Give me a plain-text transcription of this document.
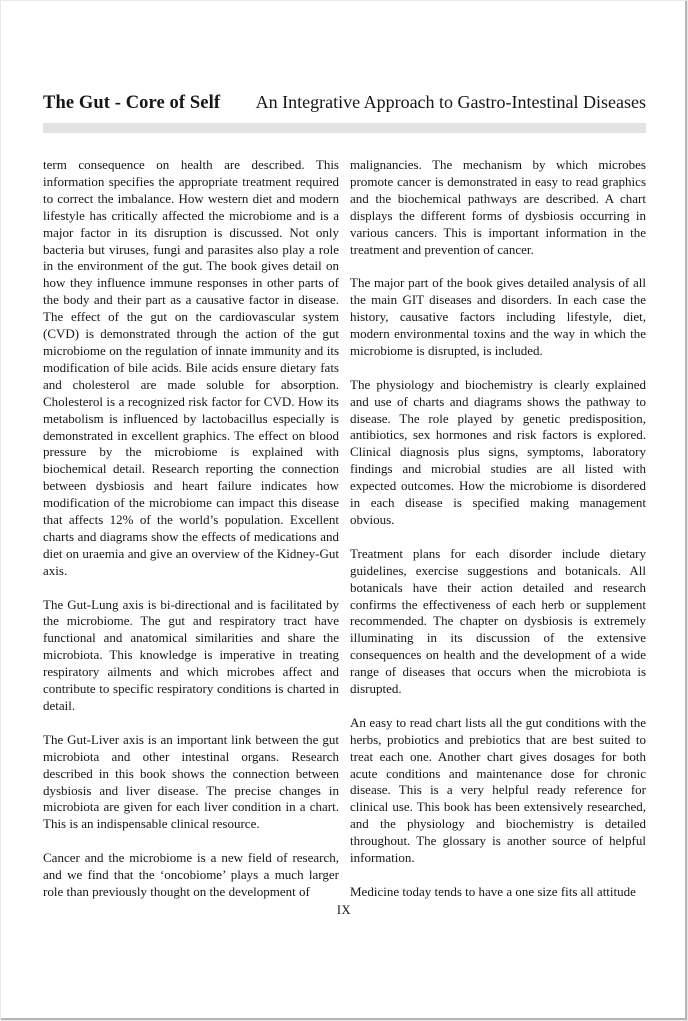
The Gut - Core of Self An Integrative Approach to Gastro-Intestinal Diseases

term consequence on health are described. This information specifies the appropriate treatment required to correct the imbalance. How western diet and modern lifestyle has critically affected the microbiome and is a major factor in its disruption is discussed. Not only bacteria but viruses, fungi and parasites also play a role in the environment of the gut. The book gives detail on how they influence immune responses in other parts of the body and their part as a causative factor in disease. The effect of the gut on the cardiovascular system (CVD) is demonstrated through the action of the gut microbiome on the regulation of innate immunity and its modification of bile acids. Bile acids ensure dietary fats and cholesterol are made soluble for absorption. Cholesterol is a recognized risk factor for CVD. How its metabolism is influenced by lactobacillus especially is demonstrated in excellent graphics. The effect on blood pressure by the microbiome is explained with biochemical detail. Research reporting the connection between dysbiosis and heart failure indicates how modification of the microbiome can impact this disease that affects 12% of the world’s population. Excellent charts and diagrams show the effects of medications and diet on uraemia and give an overview of the Kidney-Gut axis.

The Gut-Lung axis is bi-directional and is facilitated by the microbiome. The gut and respiratory tract have functional and anatomical similarities and share the microbiota. This knowledge is imperative in treating respiratory ailments and which microbes affect and contribute to specific respiratory conditions is charted in detail.

The Gut-Liver axis is an important link between the gut microbiota and other intestinal organs. Research described in this book shows the connection between dysbiosis and liver disease. The precise changes in microbiota are given for each liver condition in a chart. This is an indispensable clinical resource.

Cancer and the microbiome is a new field of research, and we find that the ‘oncobiome’ plays a much larger role than previously thought on the development of

malignancies. The mechanism by which microbes promote cancer is demonstrated in easy to read graphics and the biochemical pathways are described. A chart displays the different forms of dysbiosis occurring in various cancers. This is important information in the treatment and prevention of cancer.

The major part of the book gives detailed analysis of all the main GIT diseases and disorders. In each case the history, causative factors including lifestyle, diet, modern environmental toxins and the way in which the microbiome is disrupted, is included.

The physiology and biochemistry is clearly explained and use of charts and diagrams shows the pathway to disease. The role played by genetic predisposition, antibiotics, sex hormones and risk factors is explored. Clinical diagnosis plus signs, symptoms, laboratory findings and microbial studies are all listed with expected outcomes. How the microbiome is disordered in each disease is specified making management obvious.

Treatment plans for each disorder include dietary guidelines, exercise suggestions and botanicals. All botanicals have their action detailed and research confirms the effectiveness of each herb or supplement recommended. The chapter on dysbiosis is extremely illuminating in its discussion of the extensive consequences on health and the development of a wide range of diseases that occurs when the microbiota is disrupted.

An easy to read chart lists all the gut conditions with the herbs, probiotics and prebiotics that are best suited to treat each one. Another chart gives dosages for both acute conditions and maintenance dose for chronic disease. This is a very helpful ready reference for clinical use. This book has been extensively researched, and the physiology and biochemistry is detailed throughout. The glossary is another source of helpful information.

Medicine today tends to have a one size fits all attitude

IX
